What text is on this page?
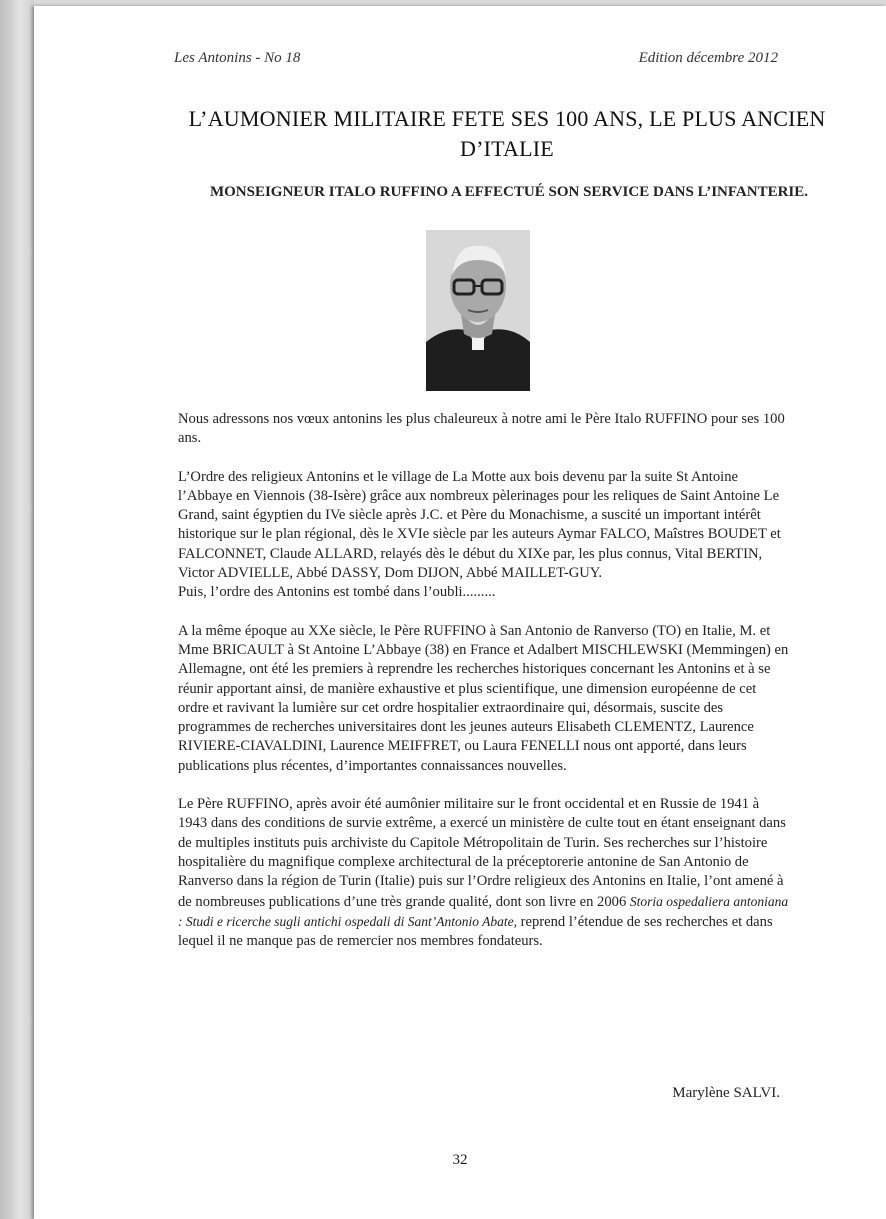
Les Antonins - No 18	Edition décembre 2012
L’AUMONIER MILITAIRE FETE SES 100 ANS, LE PLUS ANCIEN D’ITALIE
MONSEIGNEUR ITALO RUFFINO A EFFECTUÉ SON SERVICE DANS L’INFANTERIE.

Nous adressons nos vœux antonins les plus chaleureux à notre ami le Père Italo RUFFINO pour ses 100 ans.

L’Ordre des religieux Antonins et le village de La Motte aux bois devenu par la suite St Antoine l’Abbaye en Viennois (38-Isère) grâce aux nombreux pèlerinages pour les reliques de Saint Antoine Le Grand, saint égyptien du IVe siècle après J.C. et Père du Monachisme, a suscité un important intérêt historique sur le plan régional, dès le XVIe siècle par les auteurs Aymar FALCO, Maîstres BOUDET et FALCONNET, Claude ALLARD, relayés dès le début du XIXe par, les plus connus, Vital BERTIN, Victor ADVIELLE, Abbé DASSY, Dom DIJON, Abbé MAILLET-GUY.

Puis, l’ordre des Antonins est tombé dans l’oubli.........

A la même époque au XXe siècle, le Père RUFFINO à San Antonio de Ranverso (TO) en Italie, M. et Mme BRICAULT à St Antoine L’Abbaye (38) en France et Adalbert MISCHLEWSKI (Memmingen) en Allemagne, ont été les premiers à reprendre les recherches historiques concernant les Antonins et à se réunir apportant ainsi, de manière exhaustive et plus scientifique, une dimension européenne de cet ordre et ravivant la lumière sur cet ordre hospitalier extraordinaire qui, désormais, suscite des programmes de recherches universitaires dont les jeunes auteurs Elisabeth CLEMENTZ, Laurence RIVIERE-CIAVALDINI, Laurence MEIFFRET, ou Laura FENELLI nous ont apporté, dans leurs publications plus récentes, d’importantes connaissances nouvelles.

Le Père RUFFINO, après avoir été aumônier militaire sur le front occidental et en Russie de 1941 à 1943 dans des conditions de survie extrême, a exercé un ministère de culte tout en étant enseignant dans de multiples instituts puis archiviste du Capitole Métropolitain de Turin. Ses recherches sur l’histoire hospitalière du magnifique complexe architectural de la préceptorerie antonine de San Antonio de Ranverso dans la région de Turin (Italie) puis sur l’Ordre religieux des Antonins en Italie, l’ont amené à de nombreuses publications d’une très grande qualité, dont son livre en 2006 Storia ospedaliera antoniana : Studi e ricerche sugli antichi ospedali di Sant’Antonio Abate, reprend l’étendue de ses recherches et dans lequel il ne manque pas de remercier nos membres fondateurs.

Marylène SALVI.
32
